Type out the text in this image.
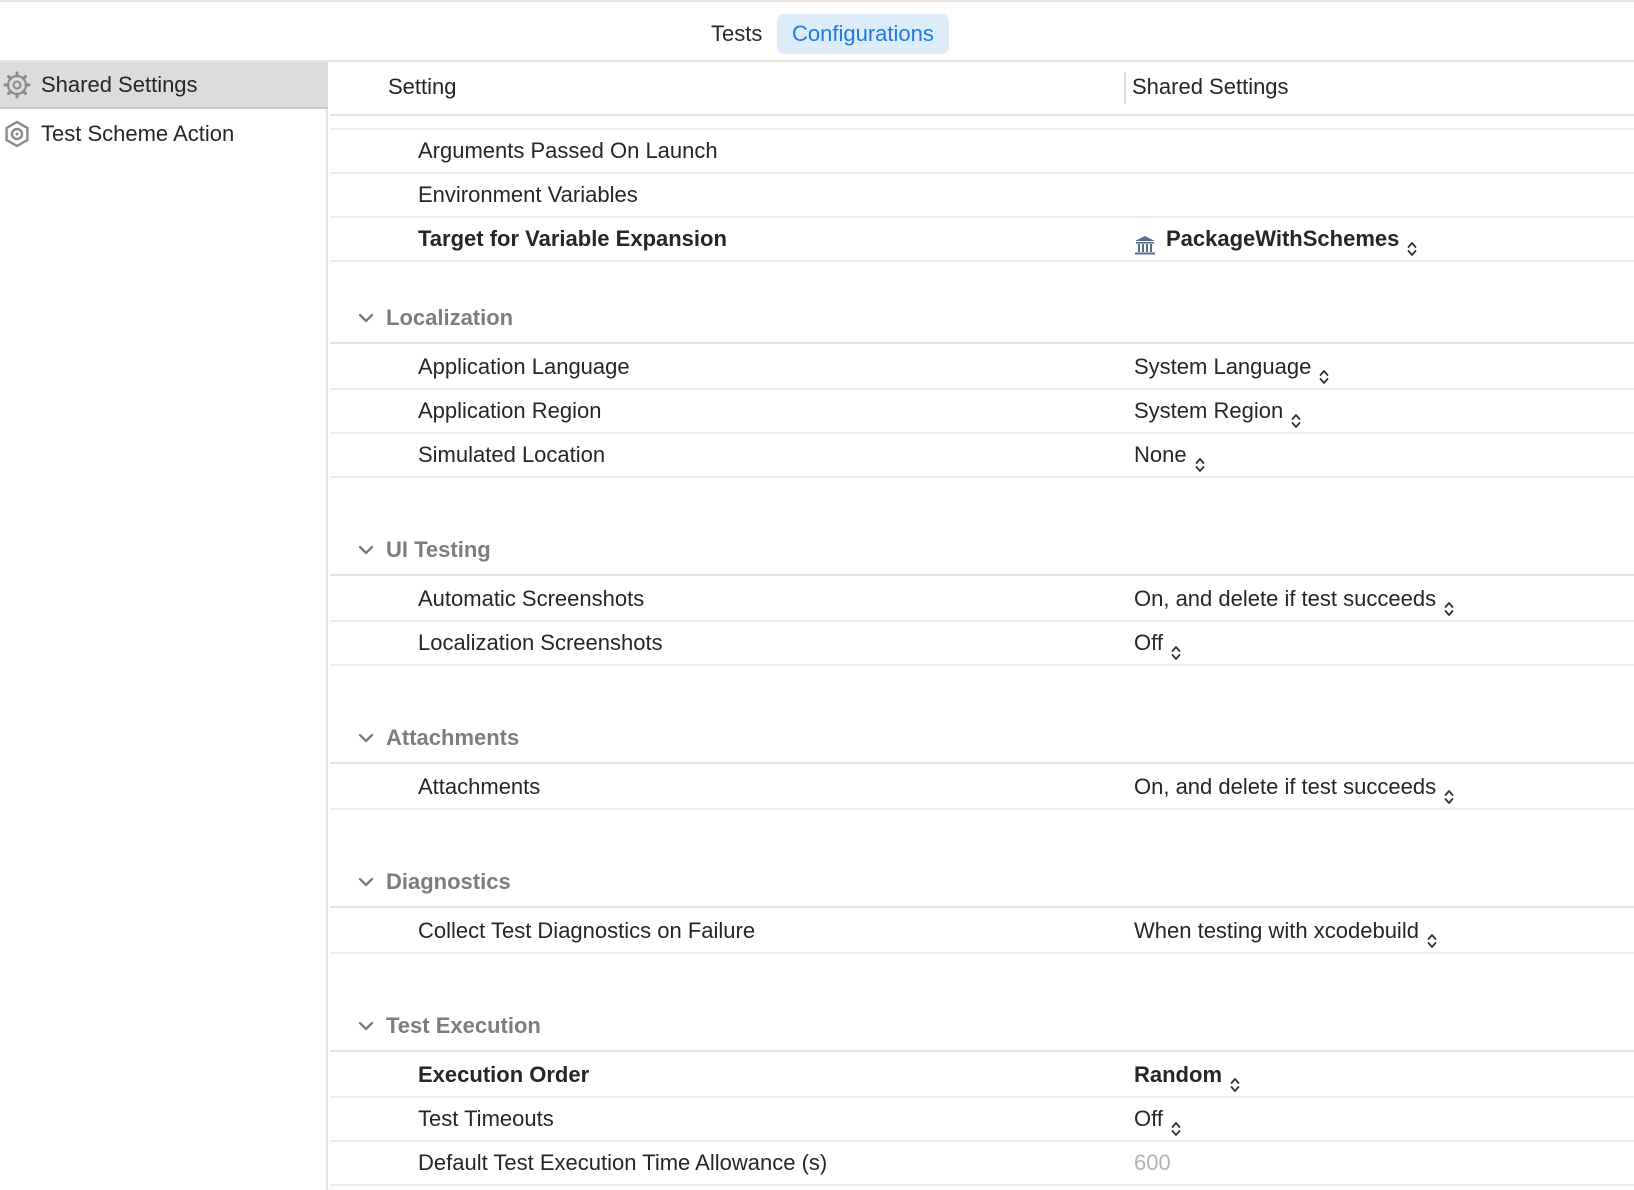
Tests	Configurations
Shared Settings
Test Scheme Action
Setting	Shared Settings
Arguments Passed On Launch
Environment Variables
Target for Variable Expansion	PackageWithSchemes
Localization
Application Language	System Language
Application Region	System Region
Simulated Location	None
UI Testing
Automatic Screenshots	On, and delete if test succeeds
Localization Screenshots	Off
Attachments
Attachments	On, and delete if test succeeds
Diagnostics
Collect Test Diagnostics on Failure	When testing with xcodebuild
Test Execution
Execution Order	Random
Test Timeouts	Off
Default Test Execution Time Allowance (s)	600
